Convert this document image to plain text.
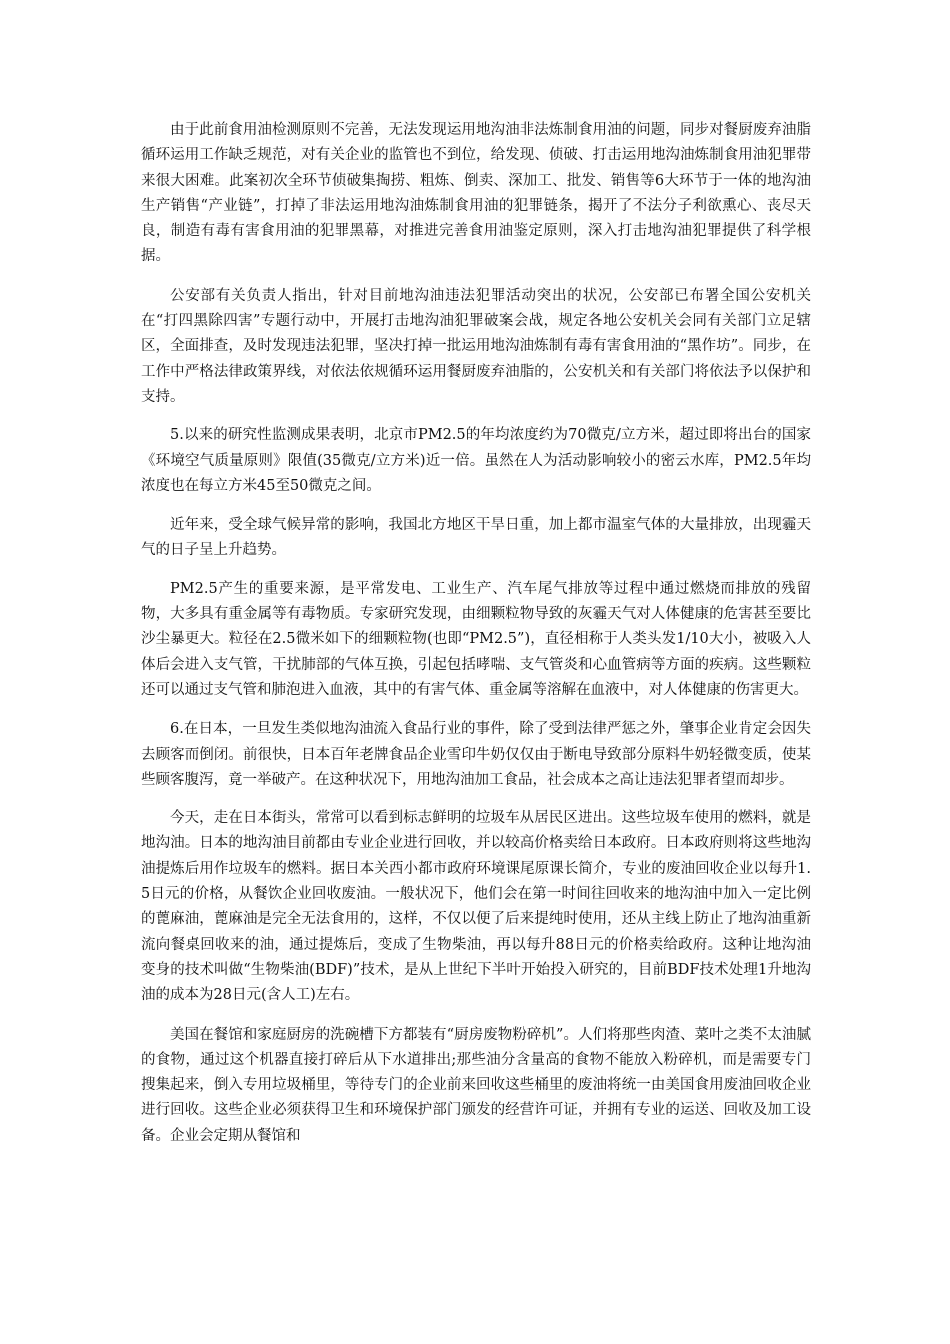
由于此前食用油检测原则不完善，无法发现运用地沟油非法炼制食用油的问题，同步对餐厨废弃油脂循环运用工作缺乏规范，对有关企业的监管也不到位，给发现、侦破、打击运用地沟油炼制食用油犯罪带来很大困难。此案初次全环节侦破集掏捞、粗炼、倒卖、深加工、批发、销售等6大环节于一体的地沟油生产销售“产业链”，打掉了非法运用地沟油炼制食用油的犯罪链条，揭开了不法分子利欲熏心、丧尽天良，制造有毒有害食用油的犯罪黑幕，对推进完善食用油鉴定原则，深入打击地沟油犯罪提供了科学根据。

公安部有关负责人指出，针对目前地沟油违法犯罪活动突出的状况，公安部已布署全国公安机关在“打四黑除四害”专题行动中，开展打击地沟油犯罪破案会战，规定各地公安机关会同有关部门立足辖区，全面排查，及时发现违法犯罪，坚决打掉一批运用地沟油炼制有毒有害食用油的“黑作坊”。同步，在工作中严格法律政策界线，对依法依规循环运用餐厨废弃油脂的，公安机关和有关部门将依法予以保护和支持。

5.以来的研究性监测成果表明，北京市PM2.5的年均浓度约为70微克/立方米，超过即将出台的国家《环境空气质量原则》限值(35微克/立方米)近一倍。虽然在人为活动影响较小的密云水库，PM2.5年均浓度也在每立方米45至50微克之间。

近年来，受全球气候异常的影响，我国北方地区干旱日重，加上都市温室气体的大量排放，出现霾天气的日子呈上升趋势。

PM2.5产生的重要来源，是平常发电、工业生产、汽车尾气排放等过程中通过燃烧而排放的残留物，大多具有重金属等有毒物质。专家研究发现，由细颗粒物导致的灰霾天气对人体健康的危害甚至要比沙尘暴更大。粒径在2.5微米如下的细颗粒物(也即“PM2.5”)，直径相称于人类头发1/10大小，被吸入人体后会进入支气管，干扰肺部的气体互换，引起包括哮喘、支气管炎和心血管病等方面的疾病。这些颗粒还可以通过支气管和肺泡进入血液，其中的有害气体、重金属等溶解在血液中，对人体健康的伤害更大。

6.在日本，一旦发生类似地沟油流入食品行业的事件，除了受到法律严惩之外，肇事企业肯定会因失去顾客而倒闭。前很快，日本百年老牌食品企业雪印牛奶仅仅由于断电导致部分原料牛奶轻微变质，使某些顾客腹泻，竟一举破产。在这种状况下，用地沟油加工食品，社会成本之高让违法犯罪者望而却步。

今天，走在日本街头，常常可以看到标志鲜明的垃圾车从居民区进出。这些垃圾车使用的燃料，就是地沟油。日本的地沟油目前都由专业企业进行回收，并以较高价格卖给日本政府。日本政府则将这些地沟油提炼后用作垃圾车的燃料。据日本关西小都市政府环境课尾原课长简介，专业的废油回收企业以每升1.5日元的价格，从餐饮企业回收废油。一般状况下，他们会在第一时间往回收来的地沟油中加入一定比例的蓖麻油，蓖麻油是完全无法食用的，这样，不仅以便了后来提纯时使用，还从主线上防止了地沟油重新流向餐桌回收来的油，通过提炼后，变成了生物柴油，再以每升88日元的价格卖给政府。这种让地沟油变身的技术叫做“生物柴油(BDF)”技术，是从上世纪下半叶开始投入研究的，目前BDF技术处理1升地沟油的成本为28日元(含人工)左右。

美国在餐馆和家庭厨房的洗碗槽下方都装有“厨房废物粉碎机”。人们将那些肉渣、菜叶之类不太油腻的食物，通过这个机器直接打碎后从下水道排出;那些油分含量高的食物不能放入粉碎机，而是需要专门搜集起来，倒入专用垃圾桶里，等待专门的企业前来回收这些桶里的废油将统一由美国食用废油回收企业进行回收。这些企业必须获得卫生和环境保护部门颁发的经营许可证，并拥有专业的运送、回收及加工设备。企业会定期从餐馆和
